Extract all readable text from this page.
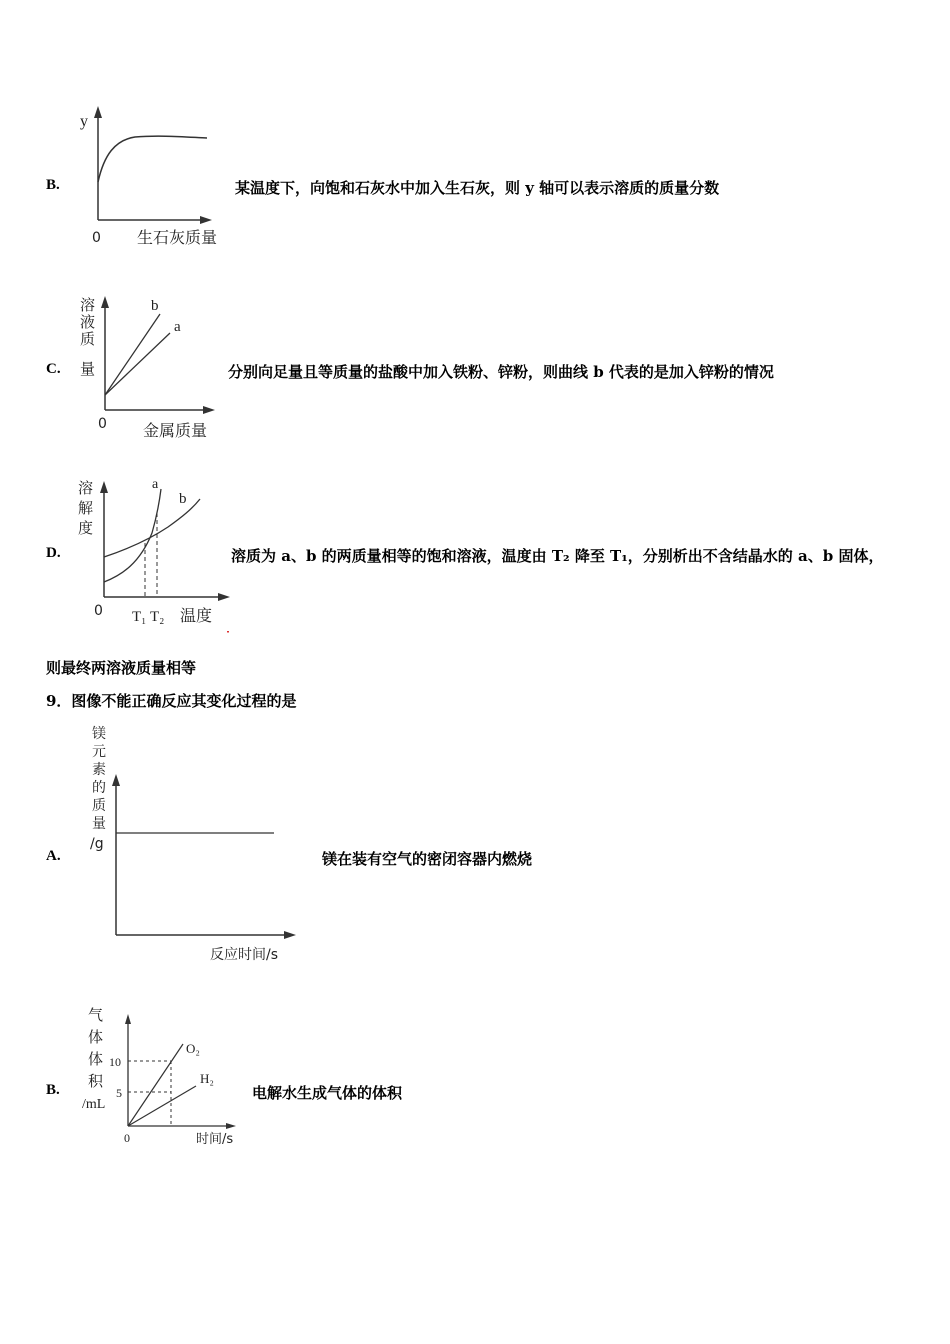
B.
y
0 生石灰质量
某温度下，向饱和石灰水中加入生石灰，则 y 轴可以表示溶质的质量分数
C.
溶
液
质
量
0 金属质量
b
a
分别向足量且等质量的盐酸中加入铁粉、锌粉，则曲线 b 代表的是加入锌粉的情况
D.
溶
解
度
0 T₁ T₂ 温度
a
b
溶质为 a、b 的两质量相等的饱和溶液，温度由 T₂ 降至 T₁，分别析出不含结晶水的 a、b 固体，
则最终两溶液质量相等
9．图像不能正确反应其变化过程的是
A.
镁
元
素
的
质
量
/g
反应时间/s
镁在装有空气的密闭容器内燃烧
B.
气
体
体
积
/mL
10
5
0
O₂
H₂
时间/s
电解水生成气体的体积
